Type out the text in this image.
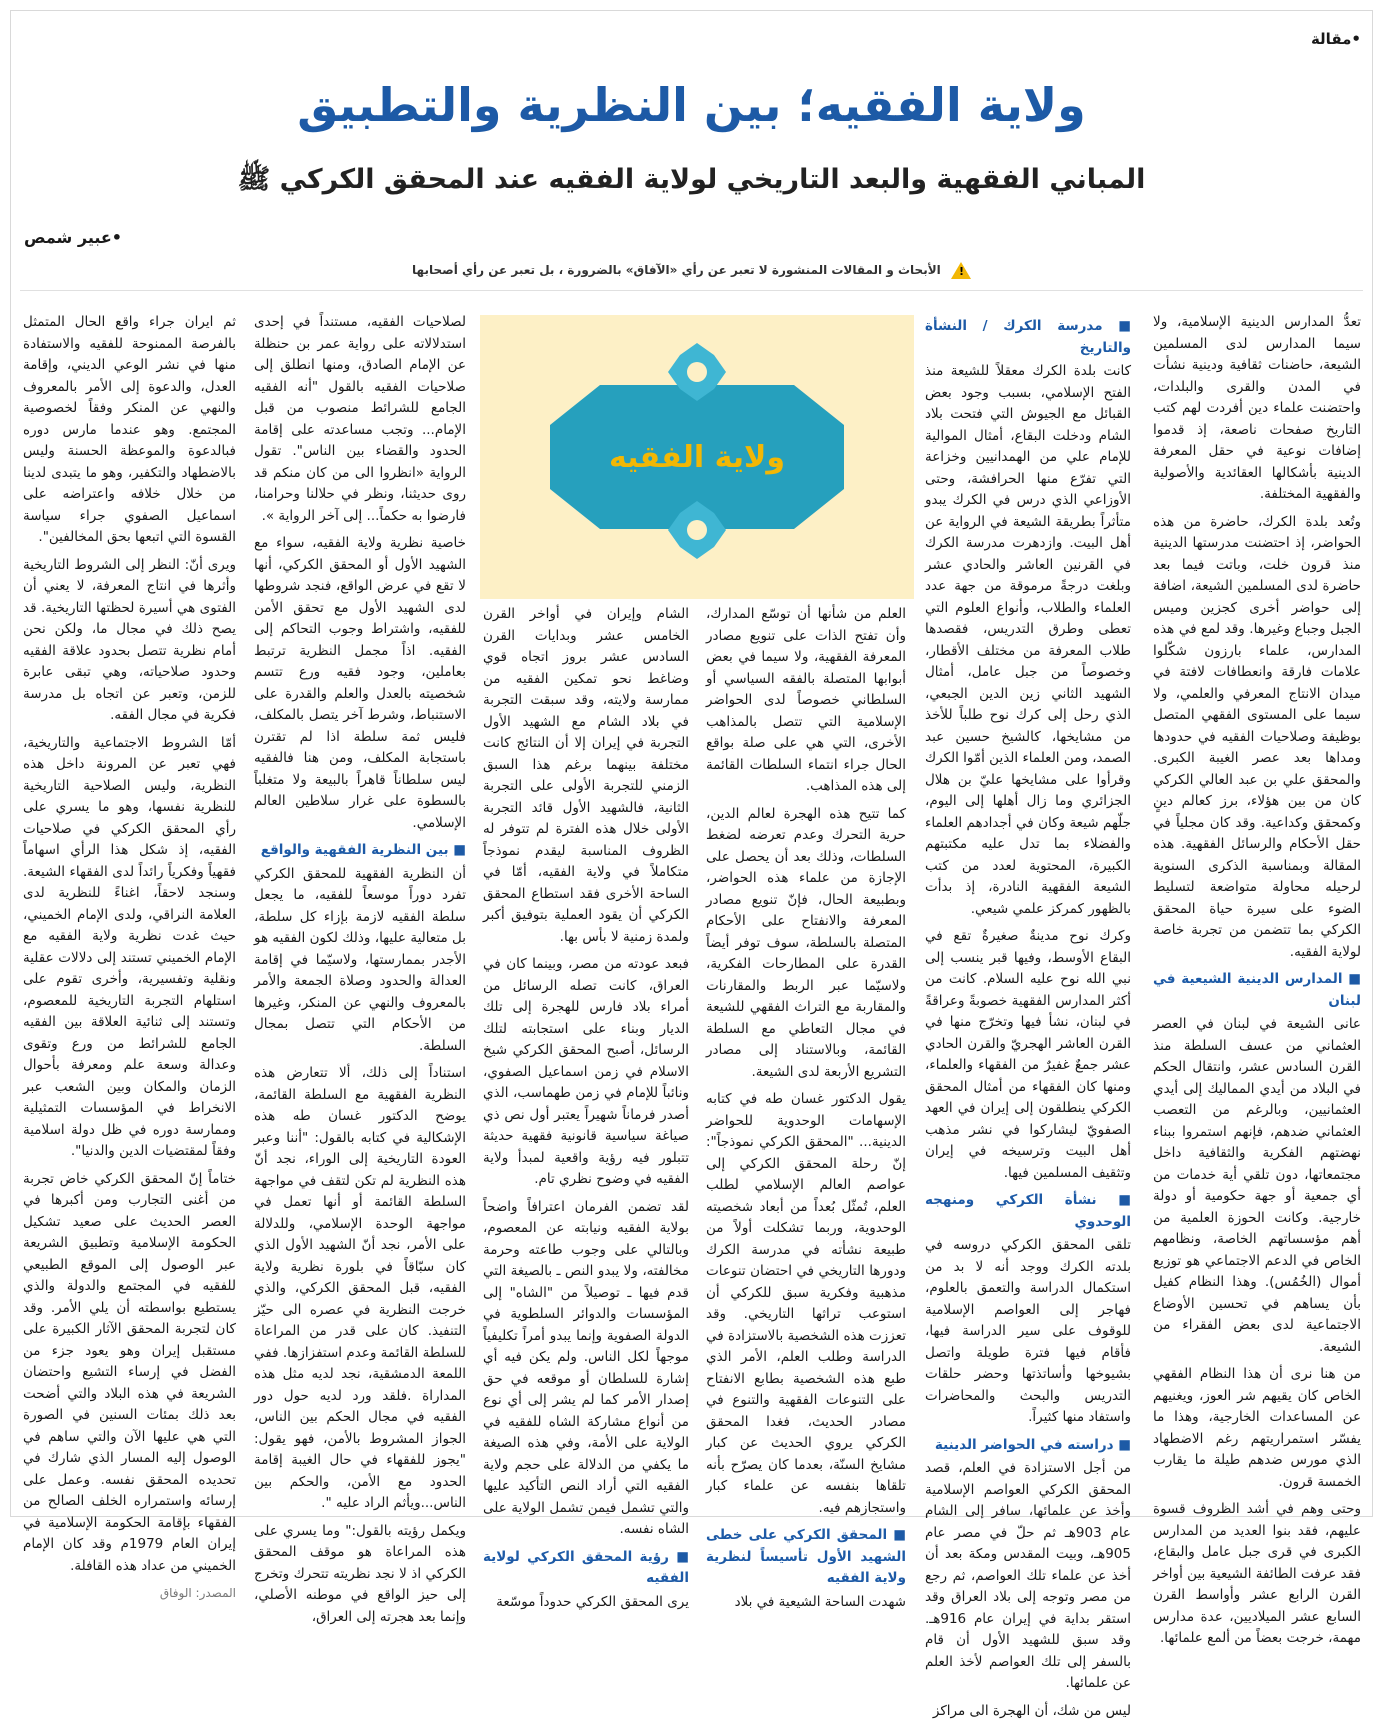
•مقالة
ولاية الفقيه؛ بين النظرية والتطبيق
المباني الفقهية والبعد التاريخي لولاية الفقيه عند المحقق الكركي ﷺ
•عبير شمص
! الأبحاث و المقالات المنشورة لا تعبر عن رأي «الآفاق» بالضرورة ، بل تعبر عن رأي أصحابها
ولاية الفقيه

تعدُّ المدارس الدينية الإسلامية، ولا سيما المدارس لدى المسلمين الشيعة، حاضنات ثقافية ودينية نشأت في المدن والقرى والبلدات، واحتضنت علماء دين أفردت لهم كتب التاريخ صفحات ناصعة، إذ قدموا إضافات نوعية في حقل المعرفة الدينية بأشكالها العقائدية والأصولية والفقهية المختلفة.

وتُعد بلدة الكرك، حاضرة من هذه الحواضر، إذ احتضنت مدرستها الدينية منذ قرون خلت، وباتت فيما بعد حاضرة لدى المسلمين الشيعة، اضافة إلى حواضر أخرى كجزين وميس الجبل وجباع وغيرها. وقد لمع في هذه المدارس، علماء بارزون شكّلوا علامات فارقة وانعطافات لافتة في ميدان الانتاج المعرفي والعلمي، ولا سيما على المستوى الفقهي المتصل بوظيفة وصلاحيات الفقيه في حدودها ومداها بعد عصر الغيبة الكبرى. والمحقق علي بن عبد العالي الكركي كان من بين هؤلاء، برز كعالم دينٍ وكمحقق وكداعية. وقد كان مجلياً في حقل الأحكام والرسائل الفقهية. هذه المقالة وبمناسبة الذكرى السنوية لرحيله محاولة متواضعة لتسليط الضوء على سيرة حياة المحقق الكركي بما تتضمن من تجربة خاصة لولاية الفقيه.

■ المدارس الدينية الشيعية في لبنان

عانى الشيعة في لبنان في العصر العثماني من عسف السلطة منذ القرن السادس عشر، وانتقال الحكم في البلاد من أيدي المماليك إلى أيدي العثمانيين، وبالرغم من التعصب العثماني ضدهم، فإنهم استمروا ببناء نهضتهم الفكرية والثقافية داخل مجتمعاتها، دون تلقي أية خدمات من أي جمعية أو جهة حكومية أو دولة خارجية. وكانت الحوزة العلمية من أهم مؤسساتهم الخاصة، ونظامهم الخاص في الدعم الاجتماعي هو توزيع أموال (الخُمُس). وهذا النظام كفيل بأن يساهم في تحسين الأوضاع الاجتماعية لدى بعض الفقراء من الشيعة.

من هنا نرى أن هذا النظام الفقهي الخاص كان يقيهم شر العوز، ويغنيهم عن المساعدات الخارجية، وهذا ما يفسّر استمراريتهم رغم الاضطهاد الذي مورس ضدهم طيلة ما يقارب الخمسة قرون.

وحتى وهم في أشد الظروف قسوة عليهم، فقد بنوا العديد من المدارس الكبرى في قرى جبل عامل والبقاع، فقد عرفت الطائفة الشيعية بين أواخر القرن الرابع عشر وأواسط القرن السابع عشر الميلاديين، عدة مدارس مهمة، خرجت بعضاً من ألمع علمائها.

■ مدرسة الكرك / النشأة والتاريخ

كانت بلدة الكرك معقلاً للشيعة منذ الفتح الإسلامي، بسبب وجود بعض القبائل مع الجيوش التي فتحت بلاد الشام ودخلت البقاع، أمثال الموالية للإمام علي من الهمدانيين وخزاعة التي تفرّع منها الحرافشة، وحتى الأوزاعي الذي درس في الكرك يبدو متأثراً بطريقة الشيعة في الرواية عن أهل البيت. وازدهرت مدرسة الكرك في القرنين العاشر والحادي عشر وبلغت درجةً مرموقة من جهة عدد العلماء والطلاب، وأنواع العلوم التي تعطى وطرق التدريس، فقصدها طلاب المعرفة من مختلف الأقطار، وخصوصاً من جبل عامل، أمثال الشهيد الثاني زين الدين الجبعي، الذي رحل إلى كرك نوح طلباً للأخذ من مشايخها، كالشيخ حسين عبد الصمد، ومن العلماء الذين أمّوا الكرك وقرأوا على مشايخها عليّ بن هلال الجزائري وما زال أهلها إلى اليوم، جلّهم شيعة وكان في أجدادهم العلماء والفضلاء بما تدل عليه مكتبتهم الكبيرة، المحتوية لعدد من كتب الشيعة الفقهية النادرة، إذ بدأت بالظهور كمركز علمي شيعي.

وكرك نوح مدينةٌ صغيرةٌ تقع في البقاع الأوسط، وفيها قبر ينسب إلى نبي الله نوح عليه السلام. كانت من أكثر المدارس الفقهية خصوبةً وعراقةً في لبنان، نشأ فيها وتخرّج منها في القرن العاشر الهجريّ والقرن الحادي عشر جمعٌ غفيرٌ من الفقهاء والعلماء، ومنها كان الفقهاء من أمثال المحقق الكركي ينطلقون إلى إيران في العهد الصفويّ ليشاركوا في نشر مذهب أهل البيت وترسيخه في إيران وتثقيف المسلمين فيها.

■ نشأة الكركي ومنهجه الوحدوي

تلقى المحقق الكركي دروسه في بلدته الكرك ووجد أنه لا بد من استكمال الدراسة والتعمق بالعلوم، فهاجر إلى العواصم الإسلامية للوقوف على سير الدراسة فيها، فأقام فيها فترة طويلة واتصل بشيوخها وأساتذتها وحضر حلقات التدريس والبحث والمحاضرات واستفاد منها كثيراً.

■ دراسته في الحواضر الدينية

من أجل الاستزادة في العلم، قصد المحقق الكركي العواصم الإسلامية وأخذ عن علمائها، سافر إلى الشام عام 903هـ ثم حلّ في مصر عام 905هـ، وبيت المقدس ومكة بعد أن أخذ عن علماء تلك العواصم، ثم رجع من مصر وتوجه إلى بلاد العراق وقد استقر بداية في إيران عام 916هـ. وقد سبق للشهيد الأول أن قام بالسفر إلى تلك العواصم لأخذ العلم عن علمائها.

ليس من شك، أن الهجرة الى مراكز

العلم من شأنها أن توسّع المدارك، وأن تفتح الذات على تنويع مصادر المعرفة الفقهية، ولا سيما في بعض أبوابها المتصلة بالفقه السياسي أو السلطاني خصوصاً لدى الحواضر الإسلامية التي تتصل بالمذاهب الأخرى، التي هي على صلة بواقع الحال جراء انتماء السلطات القائمة إلى هذه المذاهب.

كما تتيح هذه الهجرة لعالم الدين، حرية التحرك وعدم تعرضه لضغط السلطات، وذلك بعد أن يحصل على الإجازة من علماء هذه الحواضر، وبطبيعة الحال، فإنّ تنويع مصادر المعرفة والانفتاح على الأحكام المتصلة بالسلطة، سوف توفر أيضاً القدرة على المطارحات الفكرية، ولاسيّما عبر الربط والمقارنات والمقاربة مع التراث الفقهي للشيعة في مجال التعاطي مع السلطة القائمة، وبالاستناد إلى مصادر التشريع الأربعة لدى الشيعة.

يقول الدكتور غسان طه في كتابه الإسهامات الوحدوية للحواضر الدينية... "المحقق الكركي نموذجاً": إنّ رحلة المحقق الكركي إلى عواصم العالم الإسلامي لطلب العلم، تُمثّل بُعداً من أبعاد شخصيته الوحدوية، وربما تشكلت أولاً من طبيعة نشأته في مدرسة الكرك ودورها التاريخي في احتضان تنوعات مذهبية وفكرية سبق للكركي أن استوعب تراثها التاريخي. وقد تعززت هذه الشخصية بالاستزادة في الدراسة وطلب العلم، الأمر الذي طبع هذه الشخصية بطابع الانفتاح على التنوعات الفقهية والتنوع في مصادر الحديث، فغدا المحقق الكركي يروي الحديث عن كبار مشايخ السنّة، بعدما كان يصرّح بأنه تلقاها بنفسه عن علماء كبار واستجازهم فيه.

■ المحقق الكركي على خطى الشهيد الأول تأسيساً لنظرية ولاية الفقيه

شهدت الساحة الشيعية في بلاد

الشام وإيران في أواخر القرن الخامس عشر وبدايات القرن السادس عشر بروز اتجاه قوي وضاغط نحو تمكين الفقيه من ممارسة ولايته، وقد سبقت التجربة في بلاد الشام مع الشهيد الأول التجربة في إيران إلا أن النتائج كانت مختلفة بينهما برغم هذا السبق الزمني للتجربة الأولى على التجربة الثانية، فالشهيد الأول قائد التجربة الأولى خلال هذه الفترة لم تتوفر له الظروف المناسبة ليقدم نموذجاً متكاملاً في ولاية الفقيه، أمّا في الساحة الأخرى فقد استطاع المحقق الكركي أن يقود العملية بتوفيق أكبر ولمدة زمنية لا بأس بها.

فبعد عودته من مصر، وبينما كان في العراق، كانت تصله الرسائل من أمراء بلاد فارس للهجرة إلى تلك الديار وبناء على استجابته لتلك الرسائل، أصبح المحقق الكركي شيخ الاسلام في زمن اسماعيل الصفوي، ونائباً للإمام في زمن طهماسب، الذي أصدر فرماناً شهيراً يعتبر أول نص ذي صياغة سياسية قانونية فقهية حديثة تتبلور فيه رؤية واقعية لمبدأ ولاية الفقيه في وضوح نظري تام.

لقد تضمن الفرمان اعترافاً واضحاً بولاية الفقيه ونيابته عن المعصوم، وبالتالي على وجوب طاعته وحرمة مخالفته، ولا يبدو النص ـ بالصيغة التي قدم فيها ـ توصيلاً من "الشاه" إلى المؤسسات والدوائر السلطوية في الدولة الصفوية وإنما يبدو أمراً تكليفياً موجهاً لكل الناس. ولم يكن فيه أي إشارة للسلطان أو موقعه في حق إصدار الأمر كما لم يشر إلى أي نوع من أنواع مشاركة الشاه للفقيه في الولاية على الأمة، وفي هذه الصيغة ما يكفي من الدلالة على حجم ولاية الفقيه التي أراد النص التأكيد عليها والتي تشمل فيمن تشمل الولاية على الشاه نفسه.

■ رؤية المحقق الكركي لولاية الفقيه

يرى المحقق الكركي حدوداً موسّعة

لصلاحيات الفقيه، مستنداً في إحدى استدلالاته على رواية عمر بن حنظلة عن الإمام الصادق، ومنها انطلق إلى صلاحيات الفقيه بالقول "أنه الفقيه الجامع للشرائط منصوب من قبل الإمام... وتجب مساعدته على إقامة الحدود والقضاء بين الناس". تقول الرواية «انظروا الى من كان منكم قد روى حديثنا، ونظر في حلالنا وحرامنا، فارضوا به حكماً... إلى آخر الرواية ».

خاصية نظرية ولاية الفقيه، سواء مع الشهيد الأول أو المحقق الكركي، أنها لا تقع في عرض الواقع، فنجد شروطها لدى الشهيد الأول مع تحقق الأمن للفقيه، واشتراط وجوب التحاكم إلى الفقيه. اذاً مجمل النظرية ترتبط بعاملين، وجود فقيه ورع تتسم شخصيته بالعدل والعلم والقدرة على الاستنباط، وشرط آخر يتصل بالمكلف، فليس ثمة سلطة اذا لم تقترن باستجابة المكلف، ومن هنا فالفقيه ليس سلطاناً قاهراً بالبيعة ولا متغلباً بالسطوة على غرار سلاطين العالم الإسلامي.

■ بين النظرية الفقهية والواقع

أن النظرية الفقهية للمحقق الكركي تفرد دوراً موسعاً للفقيه، ما يجعل سلطة الفقيه لازمة بإزاء كل سلطة، بل متعالية عليها، وذلك لكون الفقيه هو الأجدر بممارستها، ولاسيّما في إقامة العدالة والحدود وصلاة الجمعة والأمر بالمعروف والنهي عن المنكر، وغيرها من الأحكام التي تتصل بمجال السلطة.

استناداً إلى ذلك، ألا تتعارض هذه النظرية الفقهية مع السلطة القائمة، يوضح الدكتور غسان طه هذه الإشكالية في كتابه بالقول: "أننا وعبر العودة التاريخية إلى الوراء، نجد أنّ هذه النظرية لم تكن لتقف في مواجهة السلطة القائمة أو أنها تعمل في مواجهة الوحدة الإسلامي، وللدلالة على الأمر، نجد أنّ الشهيد الأول الذي كان سبّاقاً في بلورة نظرية ولاية الفقيه، قبل المحقق الكركي، والذي خرجت النظرية في عصره الى حيّز التنفيذ. كان على قدر من المراعاة للسلطة القائمة وعدم استفزازها. ففي اللمعة الدمشقية، نجد لديه مثل هذه المداراة .فلقد ورد لديه حول دور الفقيه في مجال الحكم بين الناس، الجواز المشروط بالأمن، فهو يقول: "يجوز للفقهاء في حال الغيبة إقامة الحدود مع الأمن، والحكم بين الناس...ويأثم الراد عليه ".

ويكمل رؤيته بالقول:" وما يسري على هذه المراعاة هو موقف المحقق الكركي اذ لا نجد نظريته تتحرك وتخرج إلى حيز الواقع في موطنه الأصلي، وإنما بعد هجرته إلى العراق،

ثم ايران جراء واقع الحال المتمثل بالفرصة الممنوحة للفقيه والاستفادة منها في نشر الوعي الديني، وإقامة العدل، والدعوة إلى الأمر بالمعروف والنهي عن المنكر وفقاً لخصوصية المجتمع. وهو عندما مارس دوره فبالدعوة والموعظة الحسنة وليس بالاضطهاد والتكفير، وهو ما يتبدى لدينا من خلال خلافه واعتراضه على اسماعيل الصفوي جراء سياسة القسوة التي اتبعها بحق المخالفين".

ويرى أنّ: النظر إلى الشروط التاريخية وأثرها في انتاج المعرفة، لا يعني أن الفتوى هي أسيرة لحظتها التاريخية. قد يصح ذلك في مجال ما، ولكن نحن أمام نظرية تتصل بحدود علاقة الفقيه وحدود صلاحياته، وهي تبقى عابرة للزمن، وتعبر عن اتجاه بل مدرسة فكرية في مجال الفقه.

أمّا الشروط الاجتماعية والتاريخية، فهي تعبر عن المرونة داخل هذه النظرية، وليس الصلاحية التاريخية للنظرية نفسها، وهو ما يسري على رأي المحقق الكركي في صلاحيات الفقيه، إذ شكل هذا الرأي اسهاماً فقهياً وفكرياً رائداً لدى الفقهاء الشيعة. وسنجد لاحقاً، اغناءً للنظرية لدى العلامة النراقي، ولدى الإمام الخميني، حيث غدت نظرية ولاية الفقيه مع الإمام الخميني تستند إلى دلالات عقلية ونقلية وتفسيرية، وأخرى تقوم على استلهام التجربة التاريخية للمعصوم، وتستند إلى ثنائية العلاقة بين الفقيه الجامع للشرائط من ورع وتقوى وعدالة وسعة علم ومعرفة بأحوال الزمان والمكان وبين الشعب عبر الانخراط في المؤسسات التمثيلية وممارسة دوره في ظل دولة اسلامية وفقاً لمقتضيات الدين والدنيا".

ختاماً إنّ المحقق الكركي خاض تجربة من أغنى التجارب ومن أكبرها في العصر الحديث على صعيد تشكيل الحكومة الإسلامية وتطبيق الشريعة عبر الوصول إلى الموقع الطبيعي للفقيه في المجتمع والدولة والذي يستطيع بواسطته أن يلي الأمر. وقد كان لتجربة المحقق الآثار الكبيرة على مستقبل إيران وهو يعود جزء من الفضل في إرساء التشيع واحتضان الشريعة في هذه البلاد والتي أضحت بعد ذلك بمئات السنين في الصورة التي هي عليها الآن والتي ساهم في الوصول إليه المسار الذي شارك في تحديده المحقق نفسه. وعمل على إرسائه واستمراره الخلف الصالح من الفقهاء بإقامة الحكومة الإسلامية في إيران العام 1979م وقد كان الإمام الخميني من عداد هذه القافلة.

المصدر: الوفاق
